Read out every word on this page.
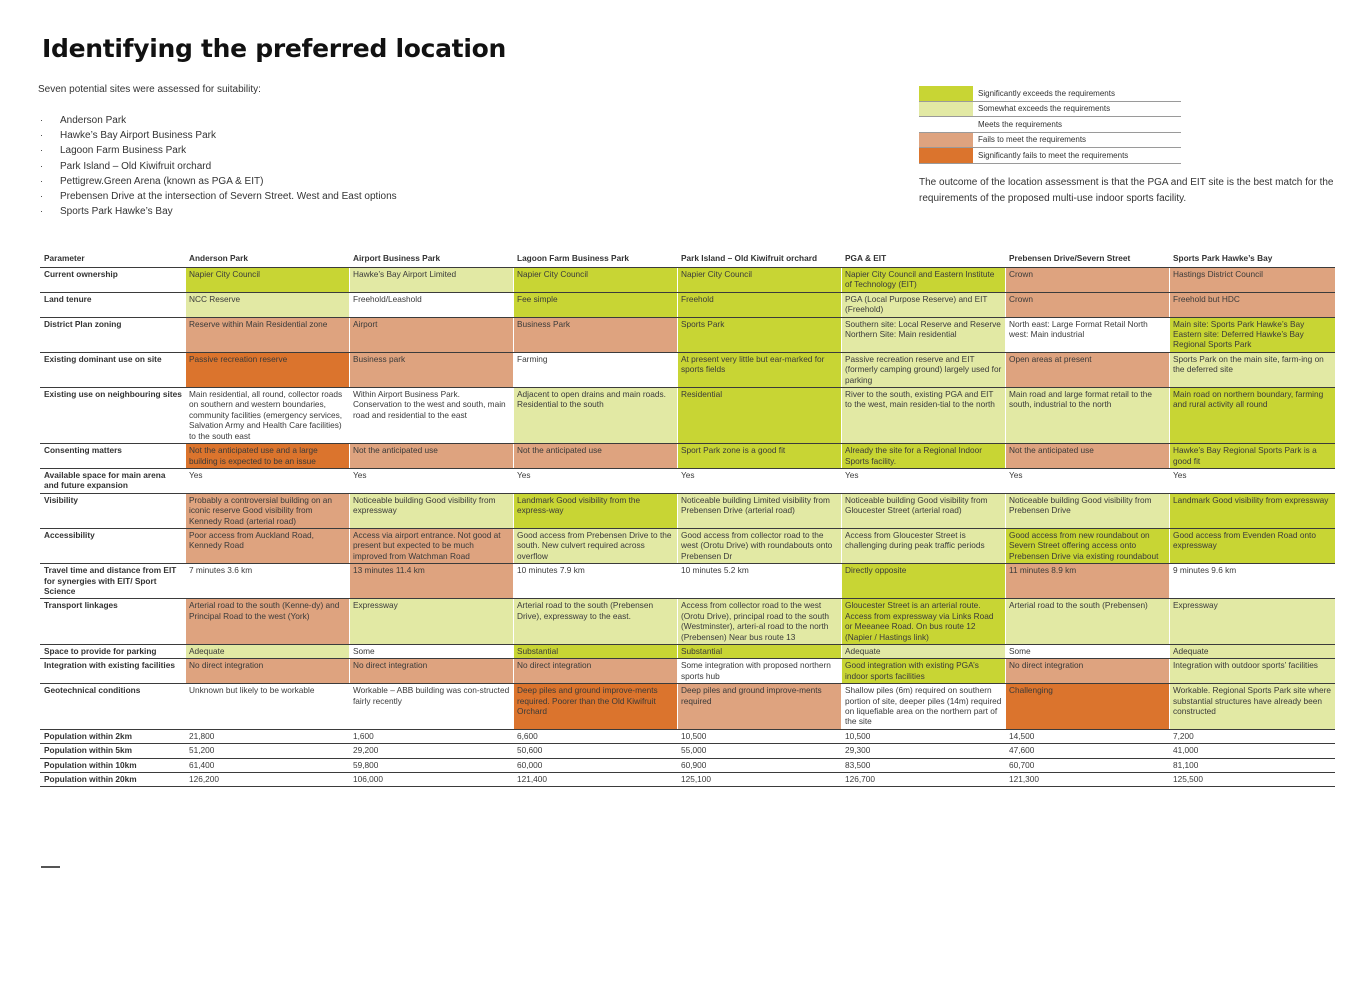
Identifying the preferred location
Seven potential sites were assessed for suitability:
· Anderson Park
· Hawke’s Bay Airport Business Park
· Lagoon Farm Business Park
· Park Island – Old Kiwifruit orchard
· Pettigrew.Green Arena (known as PGA & EIT)
· Prebensen Drive at the intersection of Severn Street. West and East options
· Sports Park Hawke’s Bay
	Significantly exceeds the requirements
	Somewhat exceeds the requirements
	Meets the requirements
	Fails to meet the requirements
	Significantly fails to meet the requirements
The outcome of the location assessment is that the PGA and EIT site is the best match for the requirements of the proposed multi-use indoor sports facility.
Parameter	Anderson Park	Airport Business Park	Lagoon Farm Business Park	Park Island – Old Kiwifruit orchard	PGA & EIT	Prebensen Drive/Severn Street	Sports Park Hawke’s Bay
Current ownership	Napier City Council	Hawke’s Bay Airport Limited	Napier City Council	Napier City Council	Napier City Council and Eastern Institute of Technology (EIT)	Crown	Hastings District Council
Land tenure	NCC Reserve	Freehold/Leashold	Fee simple	Freehold	PGA (Local Purpose Reserve) and EIT (Freehold)	Crown	Freehold but HDC
District Plan zoning	Reserve within Main Residential zone	Airport	Business Park	Sports Park	Southern site: Local Reserve and Reserve Northern Site: Main residential	North east: Large Format Retail North west: Main industrial	Main site: Sports Park Hawke’s Bay Eastern site: Deferred Hawke’s Bay Regional Sports Park
Existing dominant use on site	Passive recreation reserve	Business park	Farming	At present very little but ear-marked for sports fields	Passive recreation reserve and EIT (formerly camping ground) largely used for parking	Open areas at present	Sports Park on the main site, farm-ing on the deferred site
Existing use on neighbouring sites	Main residential, all round, collector roads on southern and western boundaries, community facilities (emergency services, Salvation Army and Health Care facilities) to the south east	Within Airport Business Park. Conservation to the west and south, main road and residential to the east	Adjacent to open drains and main roads. Residential to the south	Residential	River to the south, existing PGA and EIT to the west, main residen-tial to the north	Main road and large format retail to the south, industrial to the north	Main road on northern boundary, farming and rural activity all round
Consenting matters	Not the anticipated use and a large building is expected to be an issue	Not the anticipated use	Not the anticipated use	Sport Park zone is a good fit	Already the site for a Regional Indoor Sports facility.	Not the anticipated use	Hawke’s Bay Regional Sports Park is a good fit
Available space for main arena and future expansion	Yes	Yes	Yes	Yes	Yes	Yes	Yes
Visibility	Probably a controversial building on an iconic reserve Good visibility from Kennedy Road (arterial road)	Noticeable building Good visibility from expressway	Landmark Good visibility from the express-way	Noticeable building Limited visibility from Prebensen Drive (arterial road)	Noticeable building Good visibility from Gloucester Street (arterial road)	Noticeable building Good visibility from Prebensen Drive	Landmark Good visibility from expressway
Accessibility	Poor access from Auckland Road, Kennedy Road	Access via airport entrance. Not good at present but expected to be much improved from Watchman Road	Good access from Prebensen Drive to the south. New culvert required across overflow	Good access from collector road to the west (Orotu Drive) with roundabouts onto Prebensen Dr	Access from Gloucester Street is challenging during peak traffic periods	Good access from new roundabout on Severn Street offering access onto Prebensen Drive via existing roundabout	Good access from Evenden Road onto expressway
Travel time and distance from EIT for synergies with EIT/ Sport Science	7 minutes 3.6 km	13 minutes 11.4 km	10 minutes 7.9 km	10 minutes 5.2 km	Directly opposite	11 minutes 8.9 km	9 minutes 9.6 km
Transport linkages	Arterial road to the south (Kenne-dy) and Principal Road to the west (York)	Expressway	Arterial road to the south (Prebensen Drive), expressway to the east.	Access from collector road to the west (Orotu Drive), principal road to the south (Westminster), arteri-al road to the north (Prebensen) Near bus route 13	Gloucester Street is an arterial route. Access from expressway via Links Road or Meeanee Road. On bus route 12 (Napier / Hastings link)	Arterial road to the south (Prebensen)	Expressway
Space to provide for parking	Adequate	Some	Substantial	Substantial	Adequate	Some	Adequate
Integration with existing facilities	No direct integration	No direct integration	No direct integration	Some integration with proposed northern sports hub	Good integration with existing PGA’s indoor sports facilities	No direct integration	Integration with outdoor sports’ facilities
Geotechnical conditions	Unknown but likely to be workable	Workable – ABB building was con-structed fairly recently	Deep piles and ground improve-ments required. Poorer than the Old Kiwifruit Orchard	Deep piles and ground improve-ments required	Shallow piles (6m) required on southern portion of site, deeper piles (14m) required on liquefiable area on the northern part of the site	Challenging	Workable. Regional Sports Park site where substantial structures have already been constructed
Population within 2km	21,800	1,600	6,600	10,500	10,500	14,500	7,200
Population within 5km	51,200	29,200	50,600	55,000	29,300	47,600	41,000
Population within 10km	61,400	59,800	60,000	60,900	83,500	60,700	81,100
Population within 20km	126,200	106,000	121,400	125,100	126,700	121,300	125,500
